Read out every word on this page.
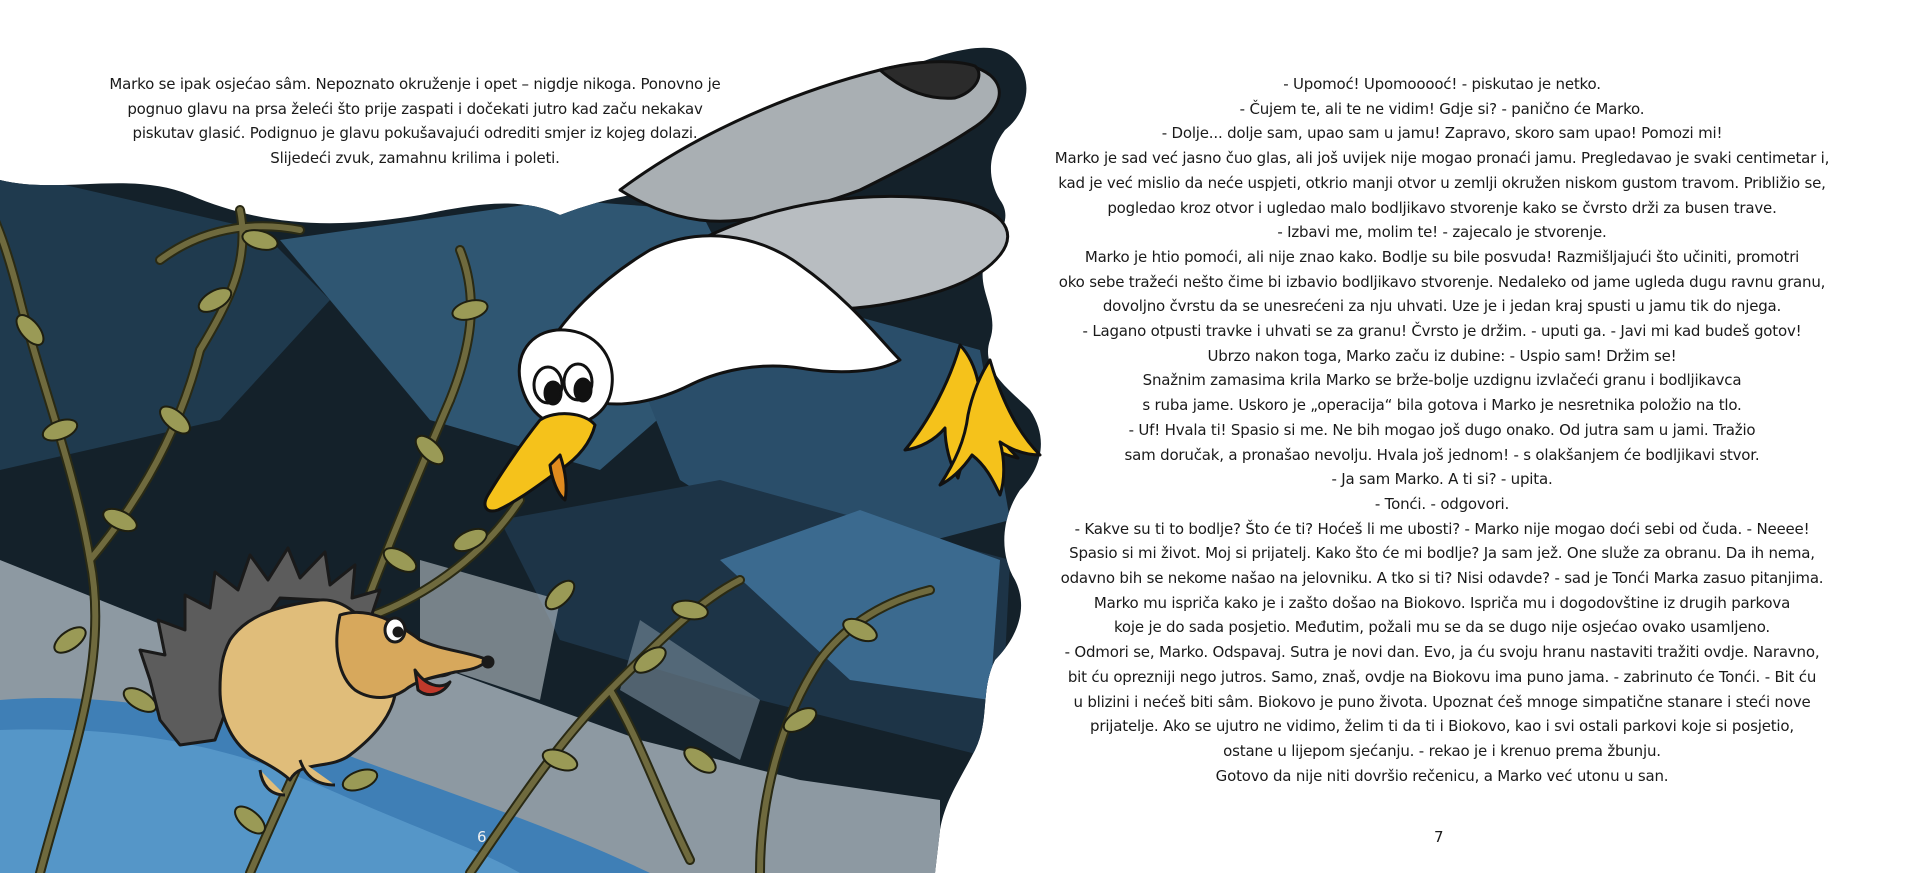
Marko se ipak osjećao sâm. Nepoznato okruženje i opet – nigdje nikoga. Ponovno je
pognuo glavu na prsa želeći što prije zaspati i dočekati jutro kad začu nekakav
piskutav glasić. Podignuo je glavu pokušavajući odrediti smjer iz kojeg dolazi.
Slijedeći zvuk, zamahnu krilima i poleti.

- Upomoć! Upomooooć! - piskutao je netko.
- Čujem te, ali te ne vidim! Gdje si? - panično će Marko.
- Dolje... dolje sam, upao sam u jamu! Zapravo, skoro sam upao! Pomozi mi!
Marko je sad već jasno čuo glas, ali još uvijek nije mogao pronaći jamu. Pregledavao je svaki centimetar i,
kad je već mislio da neće uspjeti, otkrio manji otvor u zemlji okružen niskom gustom travom. Približio se,
pogledao kroz otvor i ugledao malo bodljikavo stvorenje kako se čvrsto drži za busen trave.
- Izbavi me, molim te! - zajecalo je stvorenje.
Marko je htio pomoći, ali nije znao kako. Bodlje su bile posvuda! Razmišljajući što učiniti, promotri
oko sebe tražeći nešto čime bi izbavio bodljikavo stvorenje. Nedaleko od jame ugleda dugu ravnu granu,
dovoljno čvrstu da se unesrećeni za nju uhvati. Uze je i jedan kraj spusti u jamu tik do njega.
- Lagano otpusti travke i uhvati se za granu! Čvrsto je držim. - uputi ga. - Javi mi kad budeš gotov!
Ubrzo nakon toga, Marko začu iz dubine: - Uspio sam! Držim se!
Snažnim zamasima krila Marko se brže-bolje uzdignu izvlačeći granu i bodljikavca
s ruba jame. Uskoro je „operacija“ bila gotova i Marko je nesretnika položio na tlo.
- Uf! Hvala ti! Spasio si me. Ne bih mogao još dugo onako. Od jutra sam u jami. Tražio
sam doručak, a pronašao nevolju. Hvala još jednom! - s olakšanjem će bodljikavi stvor.
- Ja sam Marko. A ti si? - upita.
- Tonći. - odgovori.
- Kakve su ti to bodlje? Što će ti? Hoćeš li me ubosti? - Marko nije mogao doći sebi od čuda. - Neeee!
Spasio si mi život. Moj si prijatelj. Kako što će mi bodlje? Ja sam jež. One služe za obranu. Da ih nema,
odavno bih se nekome našao na jelovniku. A tko si ti? Nisi odavde? - sad je Tonći Marka zasuo pitanjima.
Marko mu ispriča kako je i zašto došao na Biokovo. Ispriča mu i dogodovštine iz drugih parkova
koje je do sada posjetio. Međutim, požali mu se da se dugo nije osjećao ovako usamljeno.
- Odmori se, Marko. Odspavaj. Sutra je novi dan. Evo, ja ću svoju hranu nastaviti tražiti ovdje. Naravno,
bit ću oprezniji nego jutros. Samo, znaš, ovdje na Biokovu ima puno jama. - zabrinuto će Tonći. - Bit ću
u blizini i nećeš biti sâm. Biokovo je puno života. Upoznat ćeš mnoge simpatične stanare i steći nove
prijatelje. Ako se ujutro ne vidimo, želim ti da ti i Biokovo, kao i svi ostali parkovi koje si posjetio,
ostane u lijepom sjećanju. - rekao je i krenuo prema žbunju.
Gotovo da nije niti dovršio rečenicu, a Marko već utonu u san.

6	7
